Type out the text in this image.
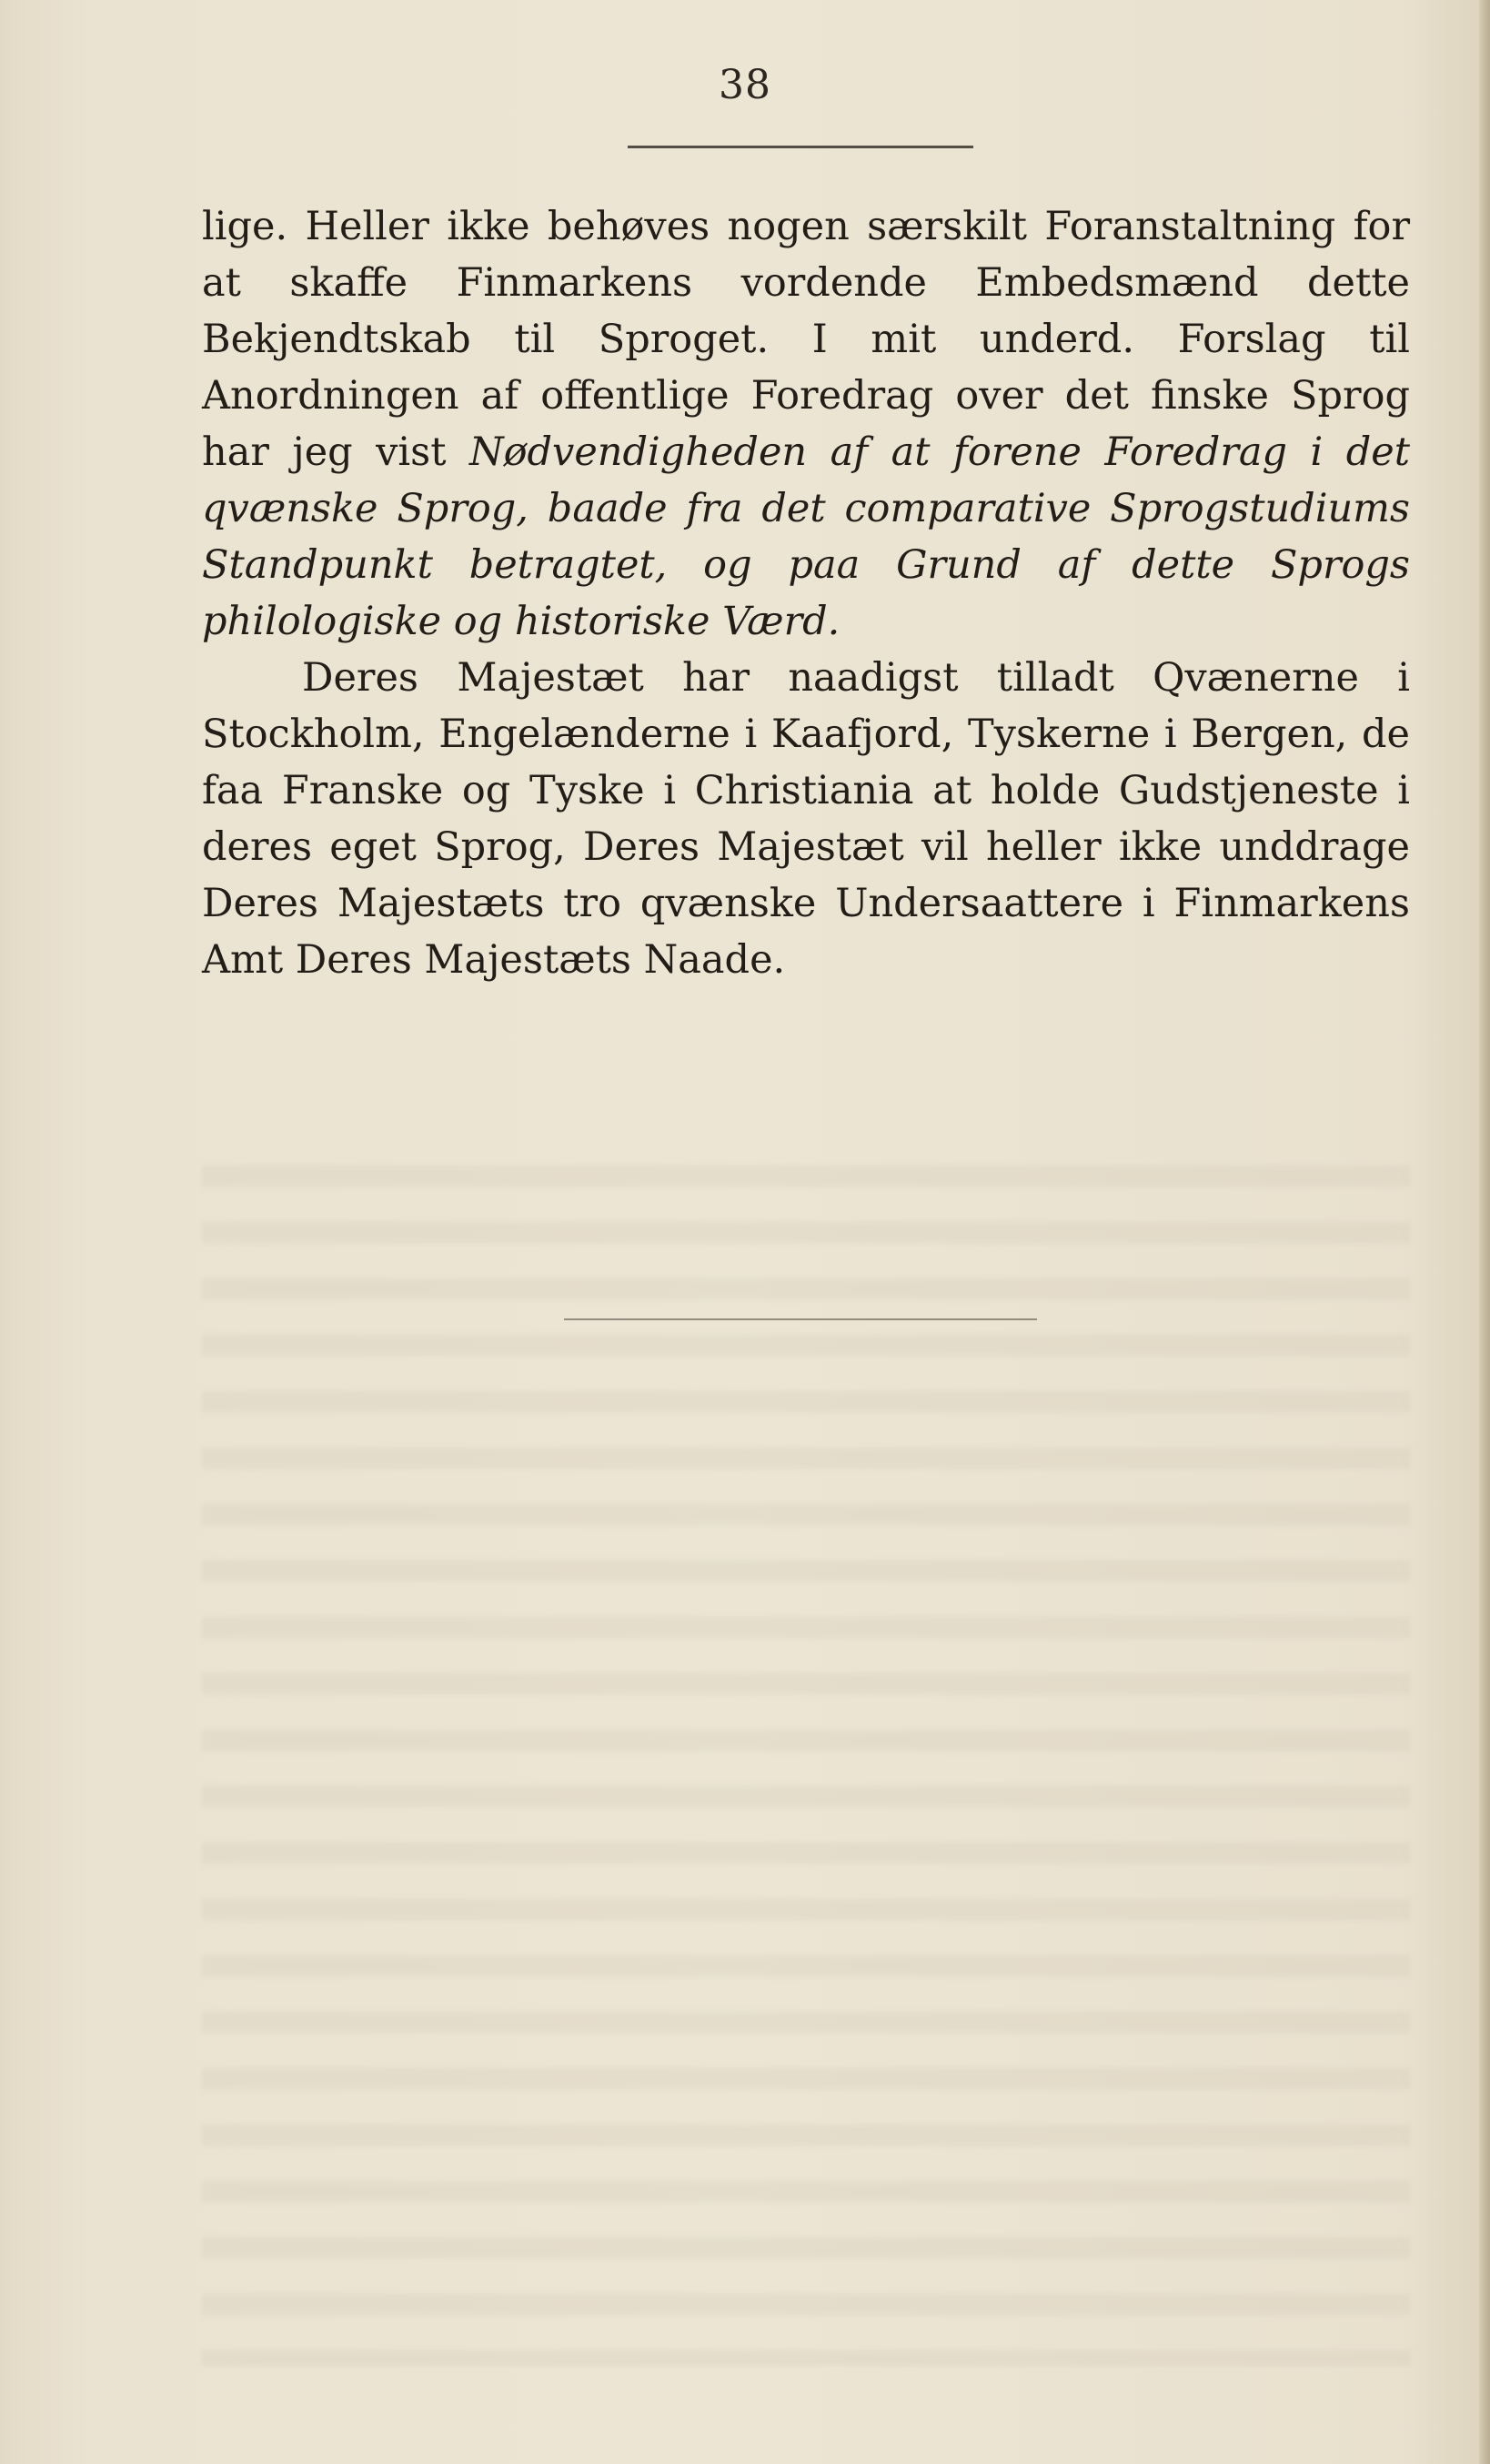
38

lige. Heller ikke behøves nogen særskilt Foranstaltning for at skaffe Finmarkens vordende Embedsmænd dette Bekjendtskab til Sproget. I mit underd. Forslag til Anordningen af offentlige Foredrag over det finske Sprog har jeg vist Nødvendigheden af at forene Foredrag i det qvænske Sprog, baade fra det comparative Sprogstudiums Standpunkt betragtet, og paa Grund af dette Sprogs philologiske og historiske Værd.

Deres Majestæt har naadigst tilladt Qvænerne i Stockholm, Engelænderne i Kaafjord, Tyskerne i Bergen, de faa Franske og Tyske i Christiania at holde Gudstjeneste i deres eget Sprog, Deres Majestæt vil heller ikke unddrage Deres Majestæts tro qvænske Undersaattere i Finmarkens Amt Deres Majestæts Naade.
